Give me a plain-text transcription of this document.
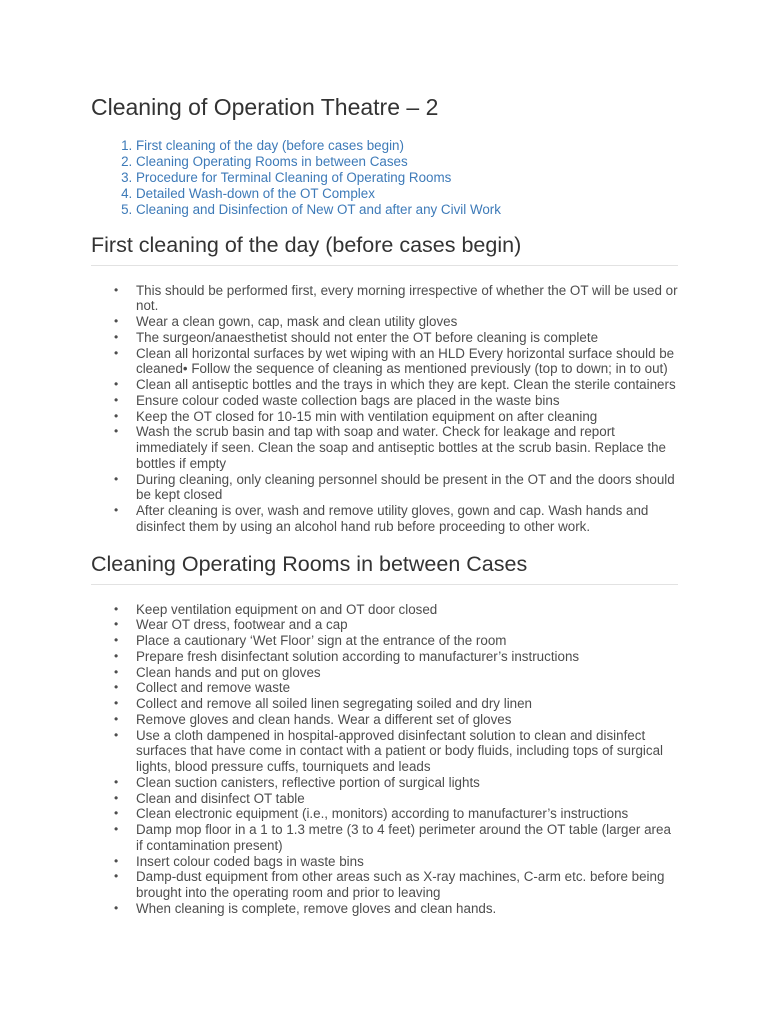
Cleaning of Operation Theatre – 2
1. First cleaning of the day (before cases begin)
2. Cleaning Operating Rooms in between Cases
3. Procedure for Terminal Cleaning of Operating Rooms
4. Detailed Wash-down of the OT Complex
5. Cleaning and Disinfection of New OT and after any Civil Work
First cleaning of the day (before cases begin)
• This should be performed first, every morning irrespective of whether the OT will be used or not.
• Wear a clean gown, cap, mask and clean utility gloves
• The surgeon/anaesthetist should not enter the OT before cleaning is complete
• Clean all horizontal surfaces by wet wiping with an HLD Every horizontal surface should be cleaned• Follow the sequence of cleaning as mentioned previously (top to down; in to out)
• Clean all antiseptic bottles and the trays in which they are kept. Clean the sterile containers
• Ensure colour coded waste collection bags are placed in the waste bins
• Keep the OT closed for 10-15 min with ventilation equipment on after cleaning
• Wash the scrub basin and tap with soap and water. Check for leakage and report immediately if seen. Clean the soap and antiseptic bottles at the scrub basin. Replace the bottles if empty
• During cleaning, only cleaning personnel should be present in the OT and the doors should be kept closed
• After cleaning is over, wash and remove utility gloves, gown and cap. Wash hands and disinfect them by using an alcohol hand rub before proceeding to other work.
Cleaning Operating Rooms in between Cases
• Keep ventilation equipment on and OT door closed
• Wear OT dress, footwear and a cap
• Place a cautionary ‘Wet Floor’ sign at the entrance of the room
• Prepare fresh disinfectant solution according to manufacturer’s instructions
• Clean hands and put on gloves
• Collect and remove waste
• Collect and remove all soiled linen segregating soiled and dry linen
• Remove gloves and clean hands. Wear a different set of gloves
• Use a cloth dampened in hospital-approved disinfectant solution to clean and disinfect surfaces that have come in contact with a patient or body fluids, including tops of surgical lights, blood pressure cuffs, tourniquets and leads
• Clean suction canisters, reflective portion of surgical lights
• Clean and disinfect OT table
• Clean electronic equipment (i.e., monitors) according to manufacturer’s instructions
• Damp mop floor in a 1 to 1.3 metre (3 to 4 feet) perimeter around the OT table (larger area if contamination present)
• Insert colour coded bags in waste bins
• Damp-dust equipment from other areas such as X-ray machines, C-arm etc. before being brought into the operating room and prior to leaving
• When cleaning is complete, remove gloves and clean hands.
